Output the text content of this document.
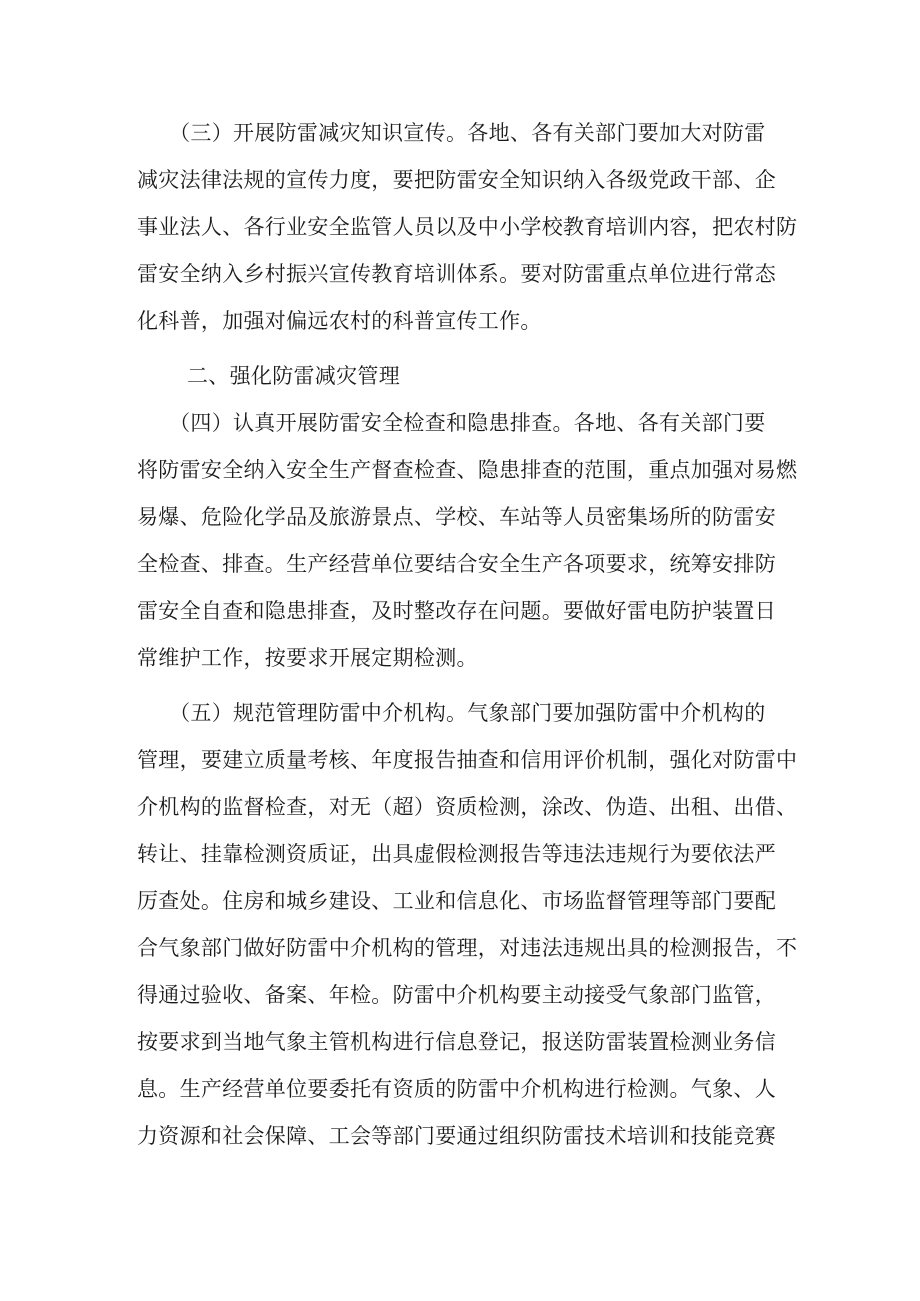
　　（三）开展防雷减灾知识宣传。各地、各有关部门要加大对防雷
减灾法律法规的宣传力度，要把防雷安全知识纳入各级党政干部、企
事业法人、各行业安全监管人员以及中小学校教育培训内容，把农村防
雷安全纳入乡村振兴宣传教育培训体系。要对防雷重点单位进行常态
化科普，加强对偏远农村的科普宣传工作。
二、强化防雷减灾管理
　　（四）认真开展防雷安全检查和隐患排查。各地、各有关部门要
将防雷安全纳入安全生产督查检查、隐患排查的范围，重点加强对易燃
易爆、危险化学品及旅游景点、学校、车站等人员密集场所的防雷安
全检查、排查。生产经营单位要结合安全生产各项要求，统筹安排防
雷安全自查和隐患排查，及时整改存在问题。要做好雷电防护装置日
常维护工作，按要求开展定期检测。
　　（五）规范管理防雷中介机构。气象部门要加强防雷中介机构的
管理，要建立质量考核、年度报告抽查和信用评价机制，强化对防雷中
介机构的监督检查，对无（超）资质检测，涂改、伪造、出租、出借、
转让、挂靠检测资质证，出具虚假检测报告等违法违规行为要依法严
厉查处。住房和城乡建设、工业和信息化、市场监督管理等部门要配
合气象部门做好防雷中介机构的管理，对违法违规出具的检测报告，不
得通过验收、备案、年检。防雷中介机构要主动接受气象部门监管，
按要求到当地气象主管机构进行信息登记，报送防雷装置检测业务信
息。生产经营单位要委托有资质的防雷中介机构进行检测。气象、人
力资源和社会保障、工会等部门要通过组织防雷技术培训和技能竞赛
